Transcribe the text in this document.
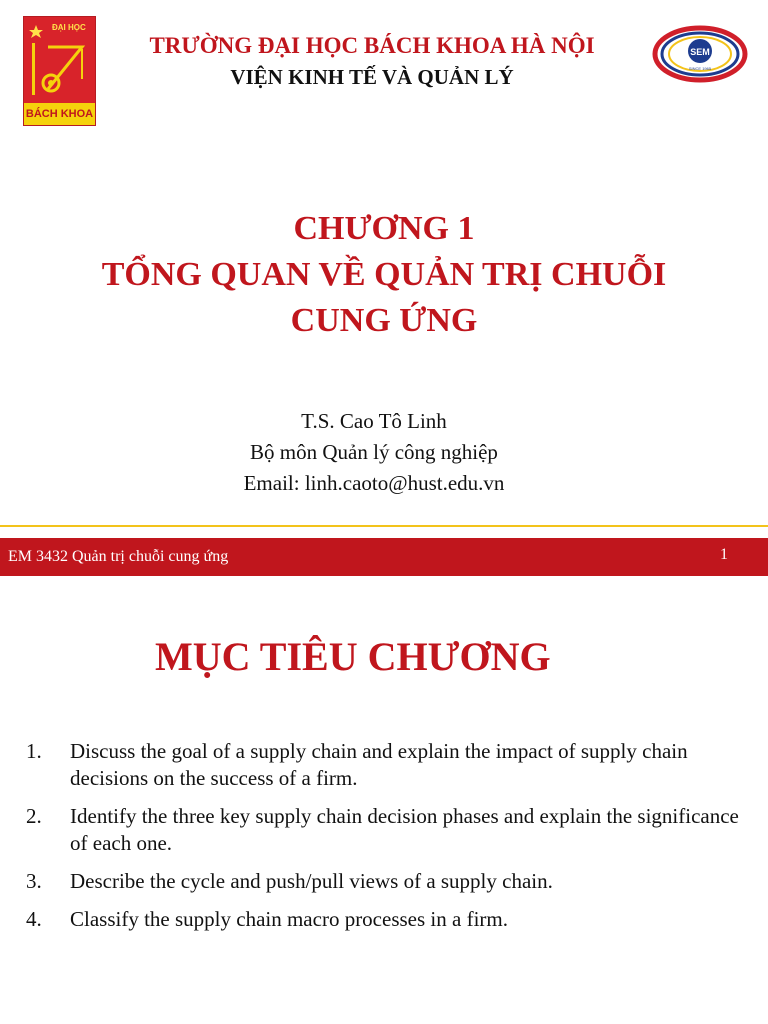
ĐẠI HỌC
BÁCH KHOA
TRƯỜNG ĐẠI HỌC BÁCH KHOA HÀ NỘI
VIỆN KINH TẾ VÀ QUẢN LÝ
SEM
SINCE 1965
CHƯƠNG 1
TỔNG QUAN VỀ QUẢN TRỊ CHUỖI
CUNG ỨNG
T.S. Cao Tô Linh
Bộ môn Quản lý công nghiệp
Email: linh.caoto@hust.edu.vn
EM 3432 Quản trị chuỗi cung ứng	1
MỤC TIÊU CHƯƠNG
1.	Discuss the goal of a supply chain and explain the impact of supply chain decisions on the success of a firm.
2.	Identify the three key supply chain decision phases and explain the significance of each one.
3.	Describe the cycle and push/pull views of a supply chain.
4.	Classify the supply chain macro processes in a firm.
